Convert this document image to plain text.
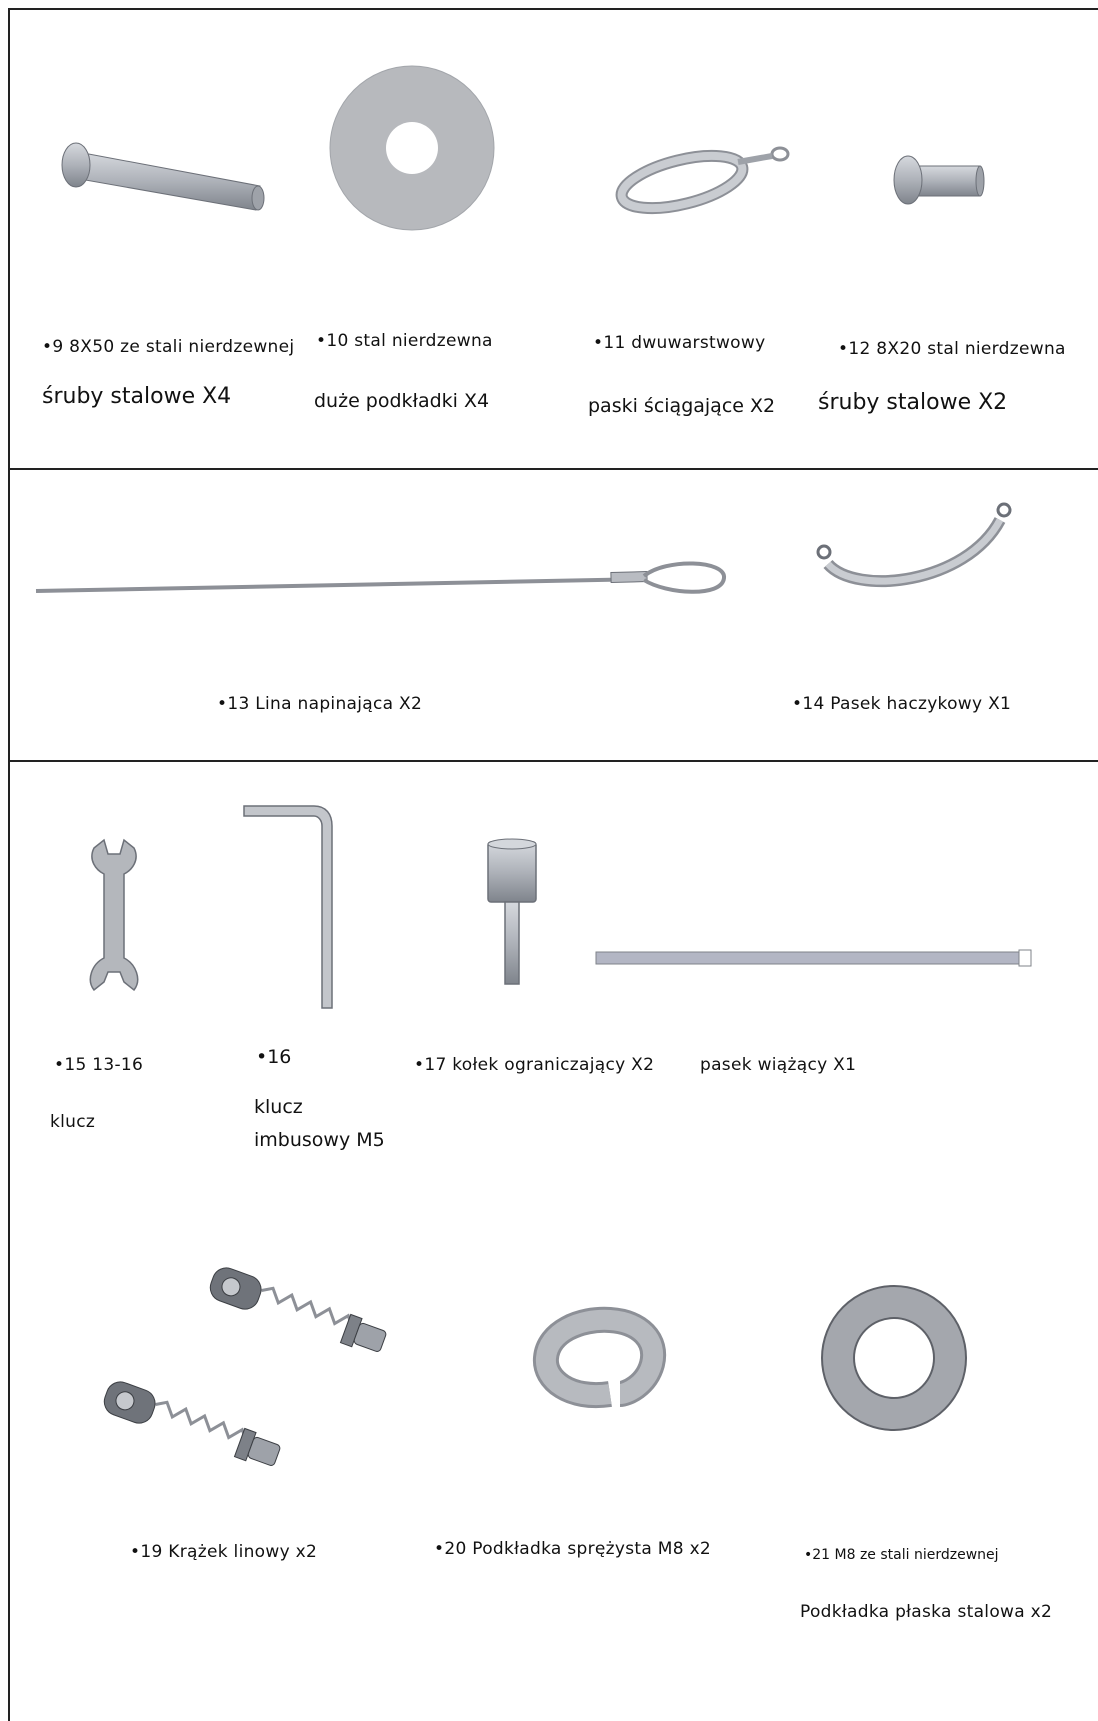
•9 8X50 ze stali nierdzewnej
śruby stalowe X4
•10 stal nierdzewna
duże podkładki X4
•11 dwuwarstwowy
paski ściągające X2
•12 8X20 stal nierdzewna
śruby stalowe X2
•13 Lina napinająca X2	•14 Pasek haczykowy X1
•15 13-16
klucz
•16
klucz
imbusowy M5
•17 kołek ograniczający X2	pasek wiążący X1
•19 Krążek linowy x2	•20 Podkładka sprężysta M8 x2	•21 M8 ze stali nierdzewnej
Podkładka płaska stalowa x2
